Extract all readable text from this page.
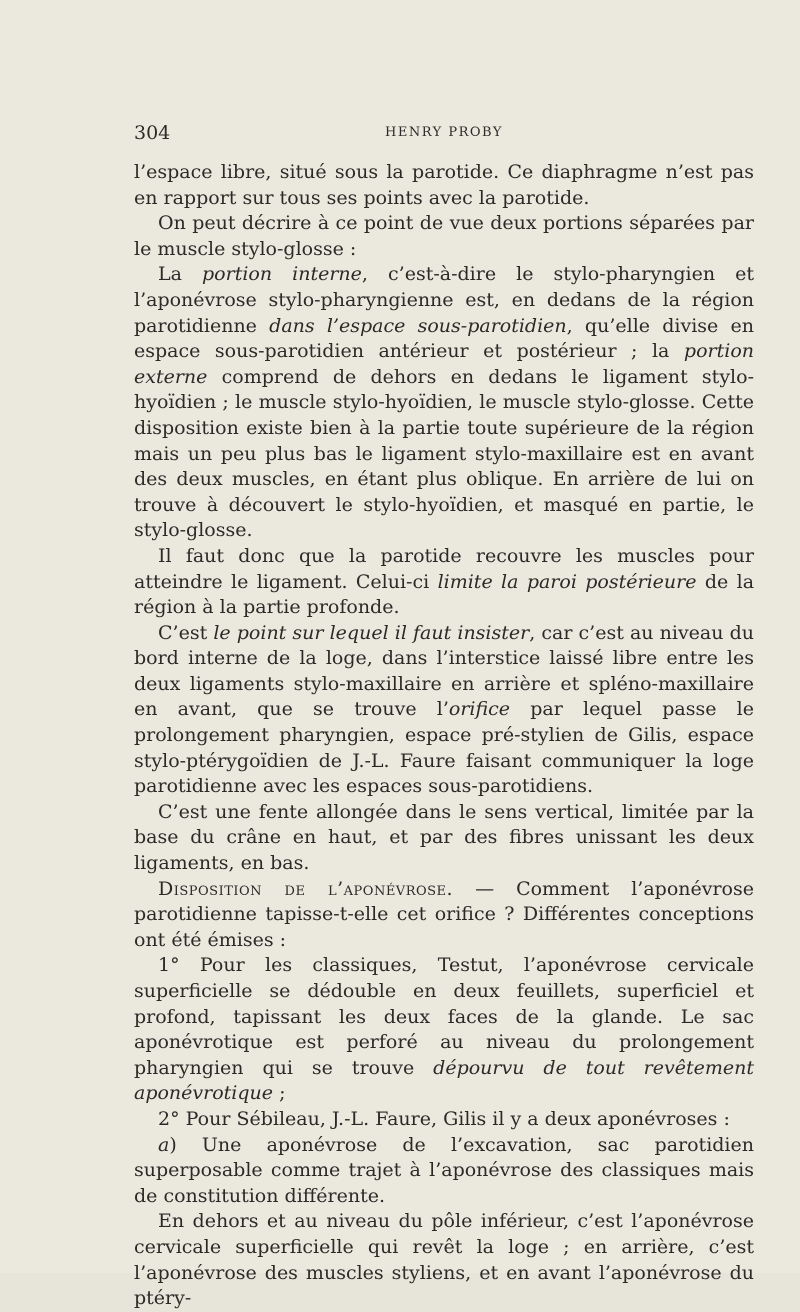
304	HENRY PROBY

l’espace libre, situé sous la parotide. Ce diaphragme n’est pas en rapport sur tous ses points avec la parotide.

On peut décrire à ce point de vue deux portions séparées par le muscle stylo-glosse :

La portion interne, c’est-à-dire le stylo-pharyngien et l’aponévrose stylo-pharyngienne est, en dedans de la région parotidienne dans l’espace sous-parotidien, qu’elle divise en espace sous-parotidien antérieur et postérieur ; la portion externe comprend de dehors en dedans le ligament stylo-hyoïdien ; le muscle stylo-hyoïdien, le muscle stylo-glosse. Cette disposition existe bien à la partie toute supérieure de la région mais un peu plus bas le ligament stylo-maxillaire est en avant des deux muscles, en étant plus oblique. En arrière de lui on trouve à découvert le stylo-hyoïdien, et masqué en partie, le stylo-glosse.

Il faut donc que la parotide recouvre les muscles pour atteindre le ligament. Celui-ci limite la paroi postérieure de la région à la partie profonde.

C’est le point sur lequel il faut insister, car c’est au niveau du bord interne de la loge, dans l’interstice laissé libre entre les deux ligaments stylo-maxillaire en arrière et spléno-maxillaire en avant, que se trouve l’orifice par lequel passe le prolongement pharyngien, espace pré-stylien de Gilis, espace stylo-ptérygoïdien de J.-L. Faure faisant communiquer la loge parotidienne avec les espaces sous-parotidiens.

C’est une fente allongée dans le sens vertical, limitée par la base du crâne en haut, et par des fibres unissant les deux ligaments, en bas.

Disposition de l’aponévrose. — Comment l’aponévrose parotidienne tapisse-t-elle cet orifice ? Différentes conceptions ont été émises :

1° Pour les classiques, Testut, l’aponévrose cervicale superficielle se dédouble en deux feuillets, superficiel et profond, tapissant les deux faces de la glande. Le sac aponévrotique est perforé au niveau du prolongement pharyngien qui se trouve dépourvu de tout revêtement aponévrotique ;

2° Pour Sébileau, J.-L. Faure, Gilis il y a deux aponévroses :

a) Une aponévrose de l’excavation, sac parotidien superposable comme trajet à l’aponévrose des classiques mais de constitution différente.

En dehors et au niveau du pôle inférieur, c’est l’aponévrose cervicale superficielle qui revêt la loge ; en arrière, c’est l’aponévrose des muscles styliens, et en avant l’aponévrose du ptéry-
